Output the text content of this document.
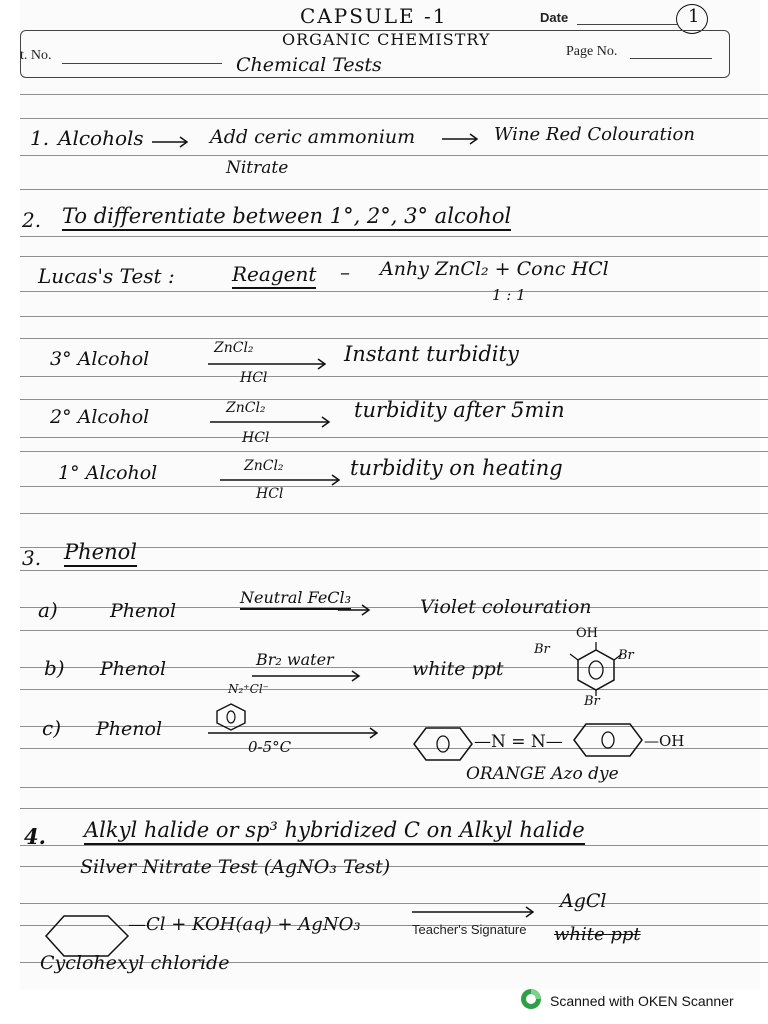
CAPSULE -1	Date	1
t. No.
ORGANIC CHEMISTRY
Chemical Tests
Page No.
1. Alcohols	Add ceric ammonium
Nitrate
Wine Red Colouration
2. To differentiate between 1°, 2°, 3° alcohol
Lucas's Test :	Reagent – Anhy ZnCl₂ + Conc HCl
1 : 1
3° Alcohol	ZnCl₂
HCl
Instant turbidity
2° Alcohol	ZnCl₂
HCl
turbidity after 5min
1° Alcohol	ZnCl₂
HCl
turbidity on heating
3. Phenol
a)	Phenol
Neutral FeCl₃	Violet colouration
b) Phenol	Br₂ water	white ppt
OH
Br	Br
Br
c) Phenol
N₂⁺Cl⁻
0-5°C	—N = N—	—OH
ORANGE Azo dye
4. Alkyl halide or sp³ hybridized C on Alkyl halide
Silver Nitrate Test (AgNO₃ Test)
—Cl + KOH(aq) + AgNO₃	Teacher's Signature
AgCl
white ppt
Cyclohexyl chloride
Scanned with OKEN Scanner
